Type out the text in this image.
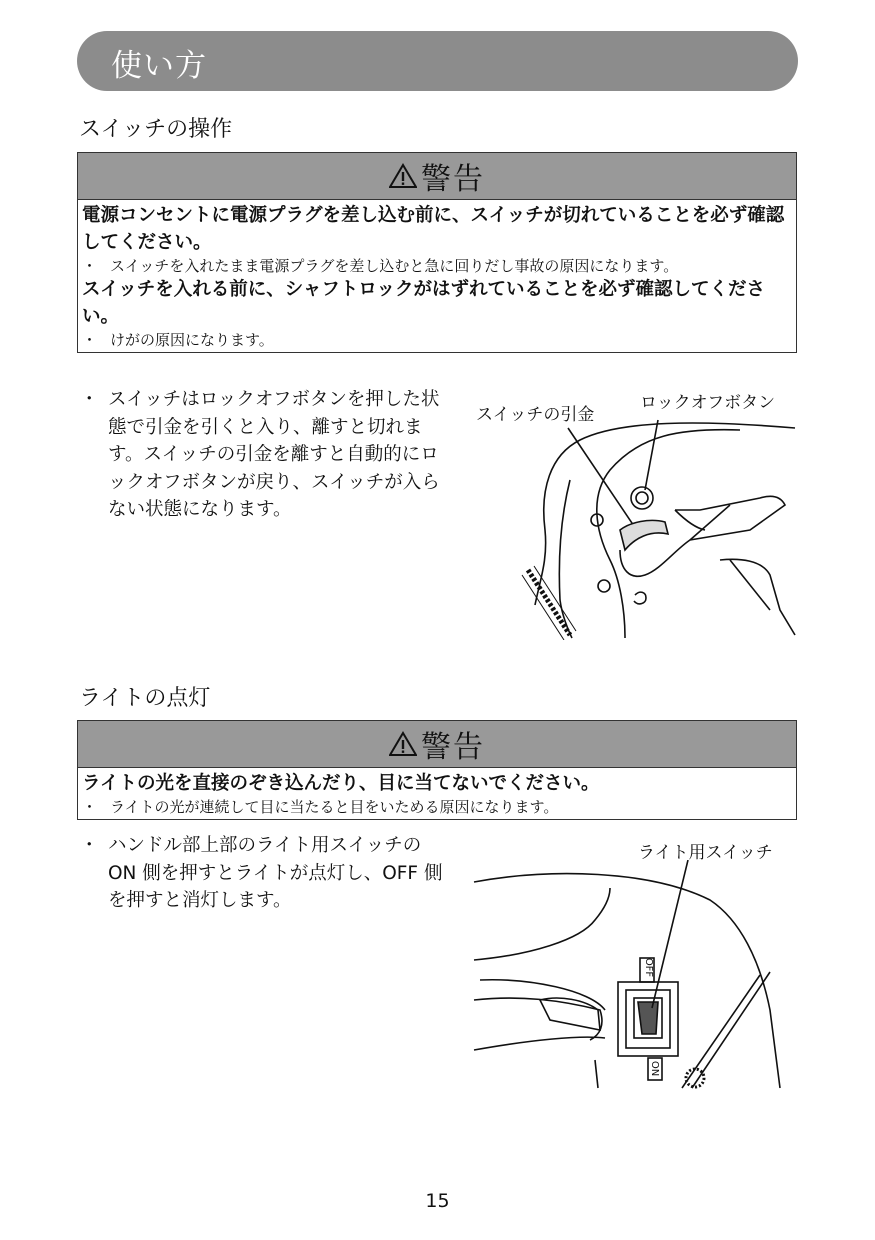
使い方
スイッチの操作
警告
電源コンセントに電源プラグを差し込む前に、スイッチが切れていることを必ず確認してください。
・ スイッチを入れたまま電源プラグを差し込むと急に回りだし事故の原因になります。
スイッチを入れる前に、シャフトロックがはずれていることを必ず確認してください。
・ けがの原因になります。
・ スイッチはロックオフボタンを押した状態で引金を引くと入り、離すと切れます。スイッチの引金を離すと自動的にロックオフボタンが戻り、スイッチが入らない状態になります。
スイッチの引金
ロックオフボタン
ライトの点灯
警告
ライトの光を直接のぞき込んだり、目に当てないでください。
・ ライトの光が連続して目に当たると目をいためる原因になります。
・ ハンドル部上部のライト用スイッチの ON 側を押すとライトが点灯し、OFF 側を押すと消灯します。
ライト用スイッチ
OFF
ON
15
